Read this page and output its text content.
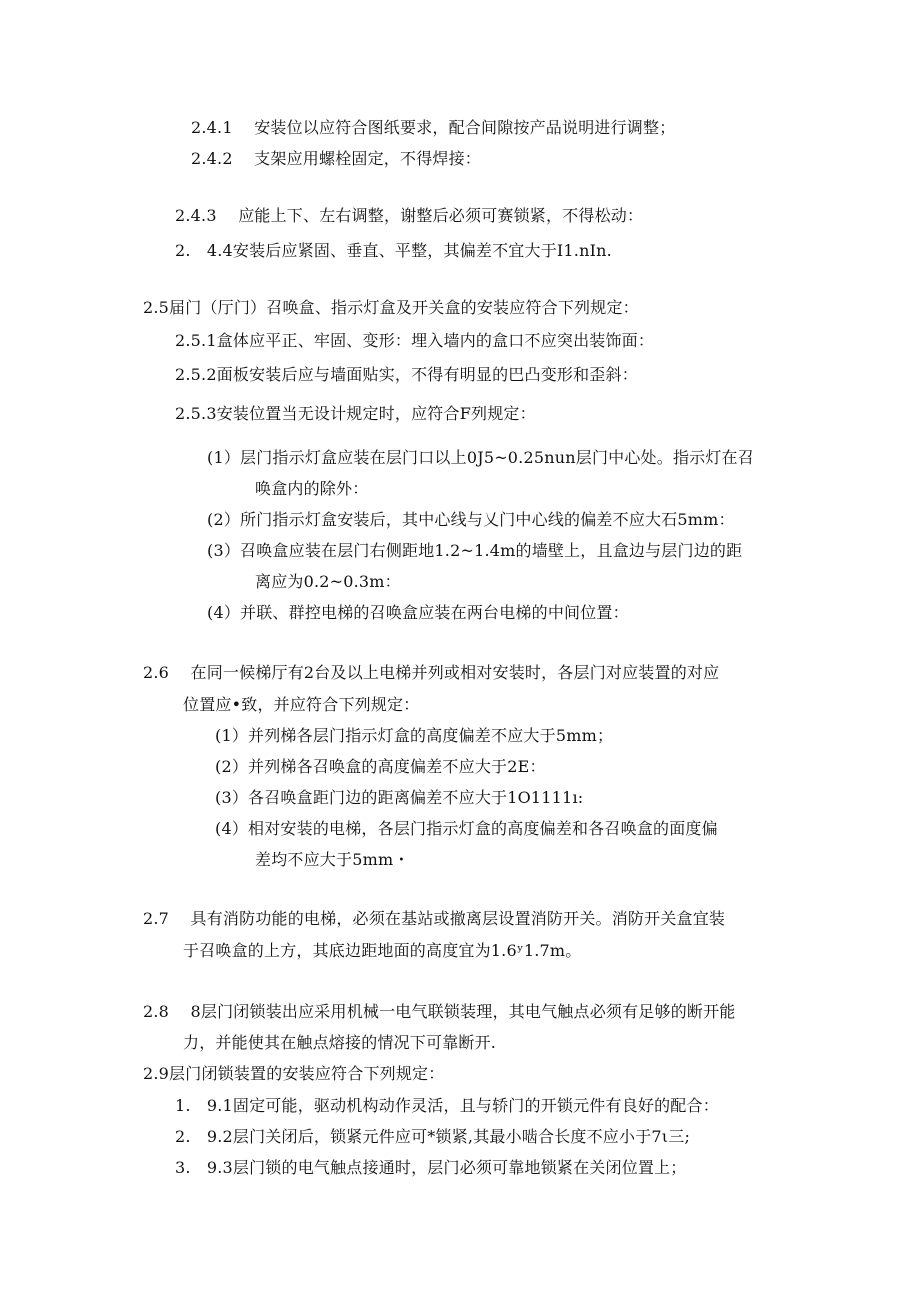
2.4.1　 安装位以应符合图纸要求，配合间隙按产品说明进行调整；
2.4.2　 支架应用螺栓固定，不得焊接：
2.4.3　 应能上下、左右调整，谢整后必须可赛锁紧，不得松动：
2.　4.4安装后应紧固、垂直、平整，其偏差不宜大于I1.nIn.
2.5届门（厅门）召唤盒、指示灯盒及开关盒的安装应符合下列规定：
2.5.1盒体应平正、牢固、变形：埋入墙内的盒口不应突出装饰面：
2.5.2面板安装后应与墙面贴实，不得有明显的巴凸变形和歪斜：
2.5.3安装位置当无设计规定时，应符合F列规定：
(1）层门指示灯盒应装在层门口以上0J5~0.25nun层门中心处。指示灯在召
唤盒内的除外：
(2）所门指示灯盒安装后，其中心线与乂门中心线的偏差不应大石5mm：
(3）召唤盒应装在层门右侧距地1.2~1.4m的墙壁上，且盒边与层门边的距
离应为0.2~0.3m：
(4）并联、群控电梯的召唤盒应装在两台电梯的中间位置：
2.6　 在同一候梯厅有2台及以上电梯并列或相对安装时，各层门对应装置的对应
位置应•致，并应符合下列规定：
(1）并列梯各层门指示灯盒的高度偏差不应大于5mm；
(2）并列梯各召唤盒的高度偏差不应大于2E：
(3）各召唤盒距门边的距离偏差不应大于1O1111ı:
(4）相对安装的电梯，各层门指示灯盒的高度偏差和各召唤盒的面度偏
差均不应大于5mm・
2.7　 具有消防功能的电梯，必须在基站或撤离层设置消防开关。消防开关盒宜装
于召唤盒的上方，其底边距地面的高度宜为1.6ʸ1.7m。
2.8　 8层门闭锁装出应采用机械一电气联锁装理，其电气触点必须有足够的断开能
力，并能使其在触点熔接的情况下可靠断开.
2.9层门闭锁装置的安装应符合下列规定：
1.　9.1固定可能，驱动机构动作灵活，且与轿门的开锁元件有良好的配合：
2.　9.2层门关闭后，锁紧元件应可*锁紧,其最小啮合长度不应小于7ι三;
3.　9.3层门锁的电气触点接通时，层门必须可靠地锁紧在关闭位置上；
